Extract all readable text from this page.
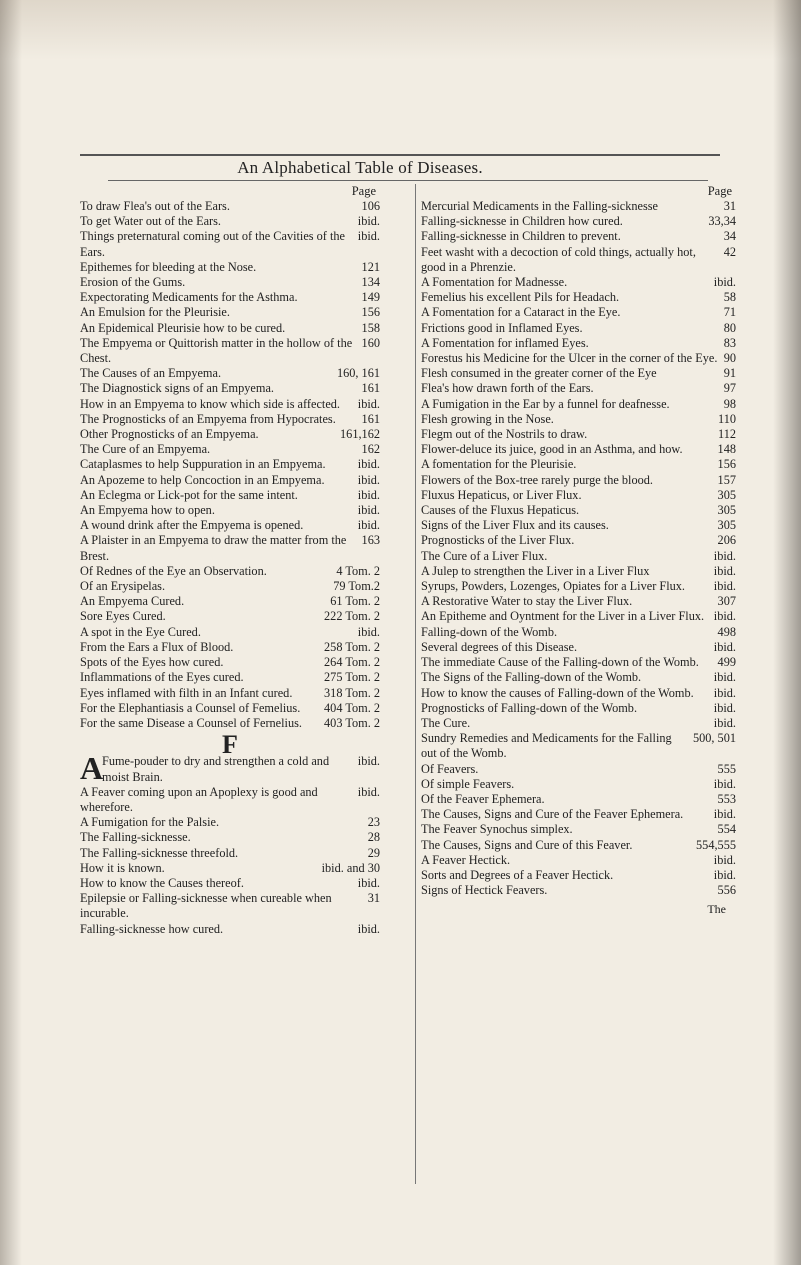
An Alphabetical Table of Diseases.
Page
106
To draw Flea's out of the Ears.
ibid.
To get Water out of the Ears.
ibid.
Things preternatural coming out of the Cavities of the Ears.
121
Epithemes for bleeding at the Nose.
134
Erosion of the Gums.
149
Expectorating Medicaments for the Asthma.
156
An Emulsion for the Pleurisie.
158
An Epidemical Pleurisie how to be cured.
160
The Empyema or Quittorish matter in the hollow of the Chest.
160, 161
The Causes of an Empyema.
161
The Diagnostick signs of an Empyema.
ibid.
How in an Empyema to know which side is affected.
161
The Prognosticks of an Empyema from Hypocrates.
161,162
Other Prognosticks of an Empyema.
162
The Cure of an Empyema.
ibid.
Cataplasmes to help Suppuration in an Empyema.
ibid.
An Apozeme to help Concoction in an Empyema.
ibid.
An Eclegma or Lick-pot for the same intent.
ibid.
An Empyema how to open.
ibid.
A wound drink after the Empyema is opened.
163
A Plaister in an Empyema to draw the matter from the Brest.
4 Tom. 2
Of Rednes of the Eye an Observation.
79 Tom.2
Of an Erysipelas.
61 Tom. 2
An Empyema Cured.
222 Tom. 2
Sore Eyes Cured.
ibid.
A spot in the Eye Cured.
258 Tom. 2
From the Ears a Flux of Blood.
264 Tom. 2
Spots of the Eyes how cured.
275 Tom. 2
Inflammations of the Eyes cured.
318 Tom. 2
Eyes inflamed with filth in an Infant cured.
404 Tom. 2
For the Elephantiasis a Counsel of Femelius.
403 Tom. 2
For the same Disease a Counsel of Fernelius.
F
A	ibid.
Fume-pouder to dry and strengthen a cold and moist Brain.
ibid.
A Feaver coming upon an Apoplexy is good and wherefore.
23
A Fumigation for the Palsie.
28
The Falling-sicknesse.
29
The Falling-sicknesse threefold.
ibid. and 30
How it is known.
ibid.
How to know the Causes thereof.
31
Epilepsie or Falling-sicknesse when cureable when incurable.
ibid.
Falling-sicknesse how cured.
Page
31
Mercurial Medicaments in the Falling-sicknesse
33,34
Falling-sicknesse in Children how cured.
34
Falling-sicknesse in Children to prevent.
42
Feet washt with a decoction of cold things, actually hot, good in a Phrenzie.
ibid.
A Fomentation for Madnesse.
58
Femelius his excellent Pils for Headach.
71
A Fomentation for a Cataract in the Eye.
80
Frictions good in Inflamed Eyes.
83
A Fomentation for inflamed Eyes.
90
Forestus his Medicine for the Ulcer in the corner of the Eye.
91
Flesh consumed in the greater corner of the Eye
97
Flea's how drawn forth of the Ears.
98
A Fumigation in the Ear by a funnel for deafnesse.
110
Flesh growing in the Nose.
112
Flegm out of the Nostrils to draw.
148
Flower-deluce its juice, good in an Asthma, and how.
156
A fomentation for the Pleurisie.
157
Flowers of the Box-tree rarely purge the blood.
305
Fluxus Hepaticus, or Liver Flux.
305
Causes of the Fluxus Hepaticus.
305
Signs of the Liver Flux and its causes.
206
Prognosticks of the Liver Flux.
ibid.
The Cure of a Liver Flux.
ibid.
A Julep to strengthen the Liver in a Liver Flux
ibid.
Syrups, Powders, Lozenges, Opiates for a Liver Flux.
307
A Restorative Water to stay the Liver Flux.
ibid.
An Epitheme and Oyntment for the Liver in a Liver Flux.
498
Falling-down of the Womb.
ibid.
Several degrees of this Disease.
499
The immediate Cause of the Falling-down of the Womb.
ibid.
The Signs of the Falling-down of the Womb.
ibid.
How to know the causes of Falling-down of the Womb.
ibid.
Prognosticks of Falling-down of the Womb.
ibid.
The Cure.
500, 501
Sundry Remedies and Medicaments for the Falling out of the Womb.
555
Of Feavers.
ibid.
Of simple Feavers.
553
Of the Feaver Ephemera.
ibid.
The Causes, Signs and Cure of the Feaver Ephemera.
554
The Feaver Synochus simplex.
554,555
The Causes, Signs and Cure of this Feaver.
ibid.
A Feaver Hectick.
ibid.
Sorts and Degrees of a Feaver Hectick.
556
Signs of Hectick Feavers.
The
